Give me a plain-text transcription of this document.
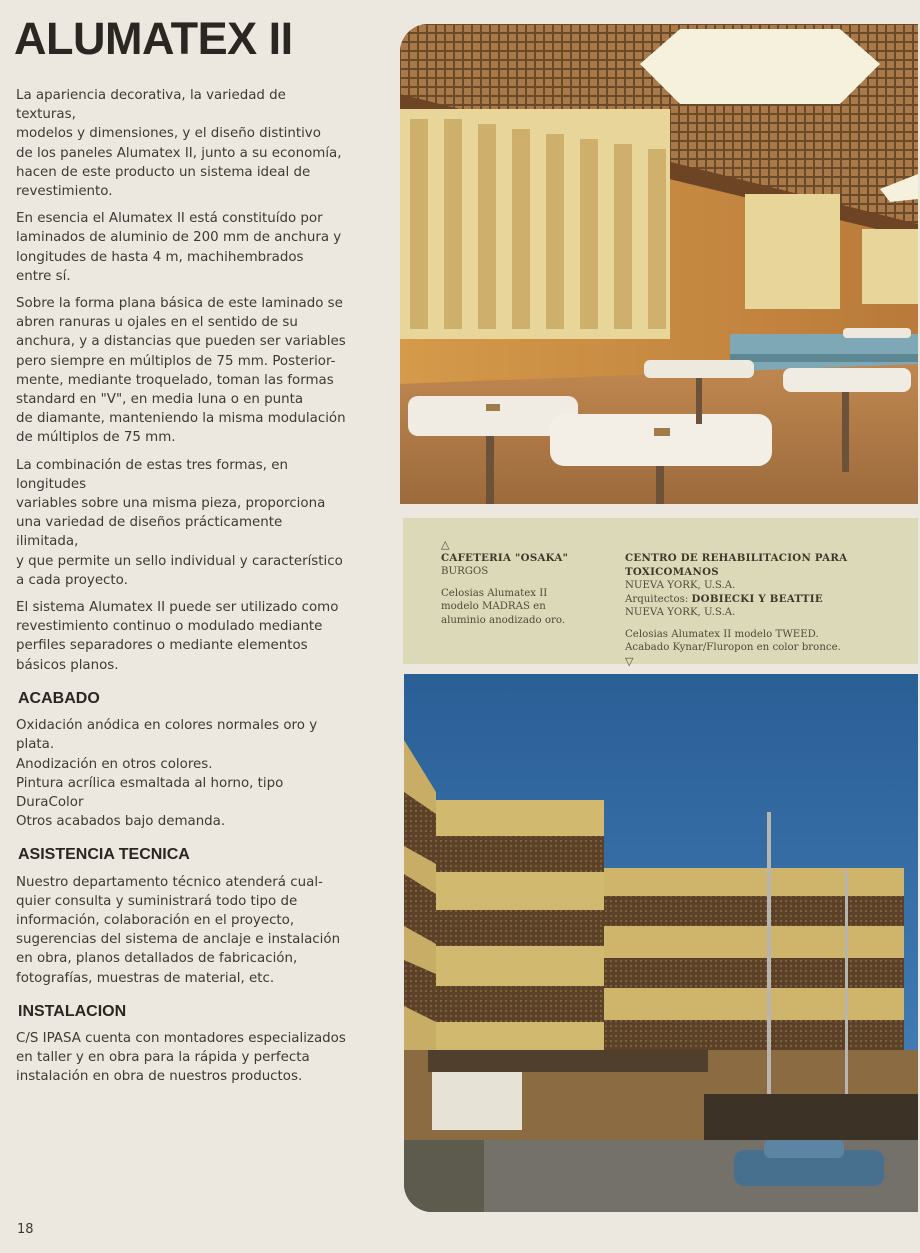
ALUMATEX II

La apariencia decorativa, la variedad de texturas,
modelos y dimensiones, y el diseño distintivo
de los paneles Alumatex II, junto a su economía,
hacen de este producto un sistema ideal de
revestimiento.

En esencia el Alumatex II está constituído por
laminados de aluminio de 200 mm de anchura y
longitudes de hasta 4 m, machihembrados
entre sí.

Sobre la forma plana básica de este laminado se
abren ranuras u ojales en el sentido de su
anchura, y a distancias que pueden ser variables
pero siempre en múltiplos de 75 mm. Posterior-
mente, mediante troquelado, toman las formas
standard en "V", en media luna o en punta
de diamante, manteniendo la misma modulación
de múltiplos de 75 mm.

La combinación de estas tres formas, en longitudes
variables sobre una misma pieza, proporciona
una variedad de diseños prácticamente ilimitada,
y que permite un sello individual y característico
a cada proyecto.

El sistema Alumatex II puede ser utilizado como
revestimiento continuo o modulado mediante
perfiles separadores o mediante elementos
básicos planos.

ACABADO

Oxidación anódica en colores normales oro y plata.
Anodización en otros colores.
Pintura acrílica esmaltada al horno, tipo DuraColor
Otros acabados bajo demanda.

ASISTENCIA TECNICA

Nuestro departamento técnico atenderá cual-
quier consulta y suministrará todo tipo de
información, colaboración en el proyecto,
sugerencias del sistema de anclaje e instalación
en obra, planos detallados de fabricación,
fotografías, muestras de material, etc.

INSTALACION

C/S IPASA cuenta con montadores especializados
en taller y en obra para la rápida y perfecta
instalación en obra de nuestros productos.

△
CAFETERIA "OSAKA"
BURGOS
Celosias Alumatex II
modelo MADRAS en
aluminio anodizado oro.
CENTRO DE REHABILITACION PARA TOXICOMANOS
NUEVA YORK, U.S.A.
Arquitectos: DOBIECKI Y BEATTIE
NUEVA YORK, U.S.A.
Celosias Alumatex II modelo TWEED.
Acabado Kynar/Fluropon en color bronce.
▽
18
